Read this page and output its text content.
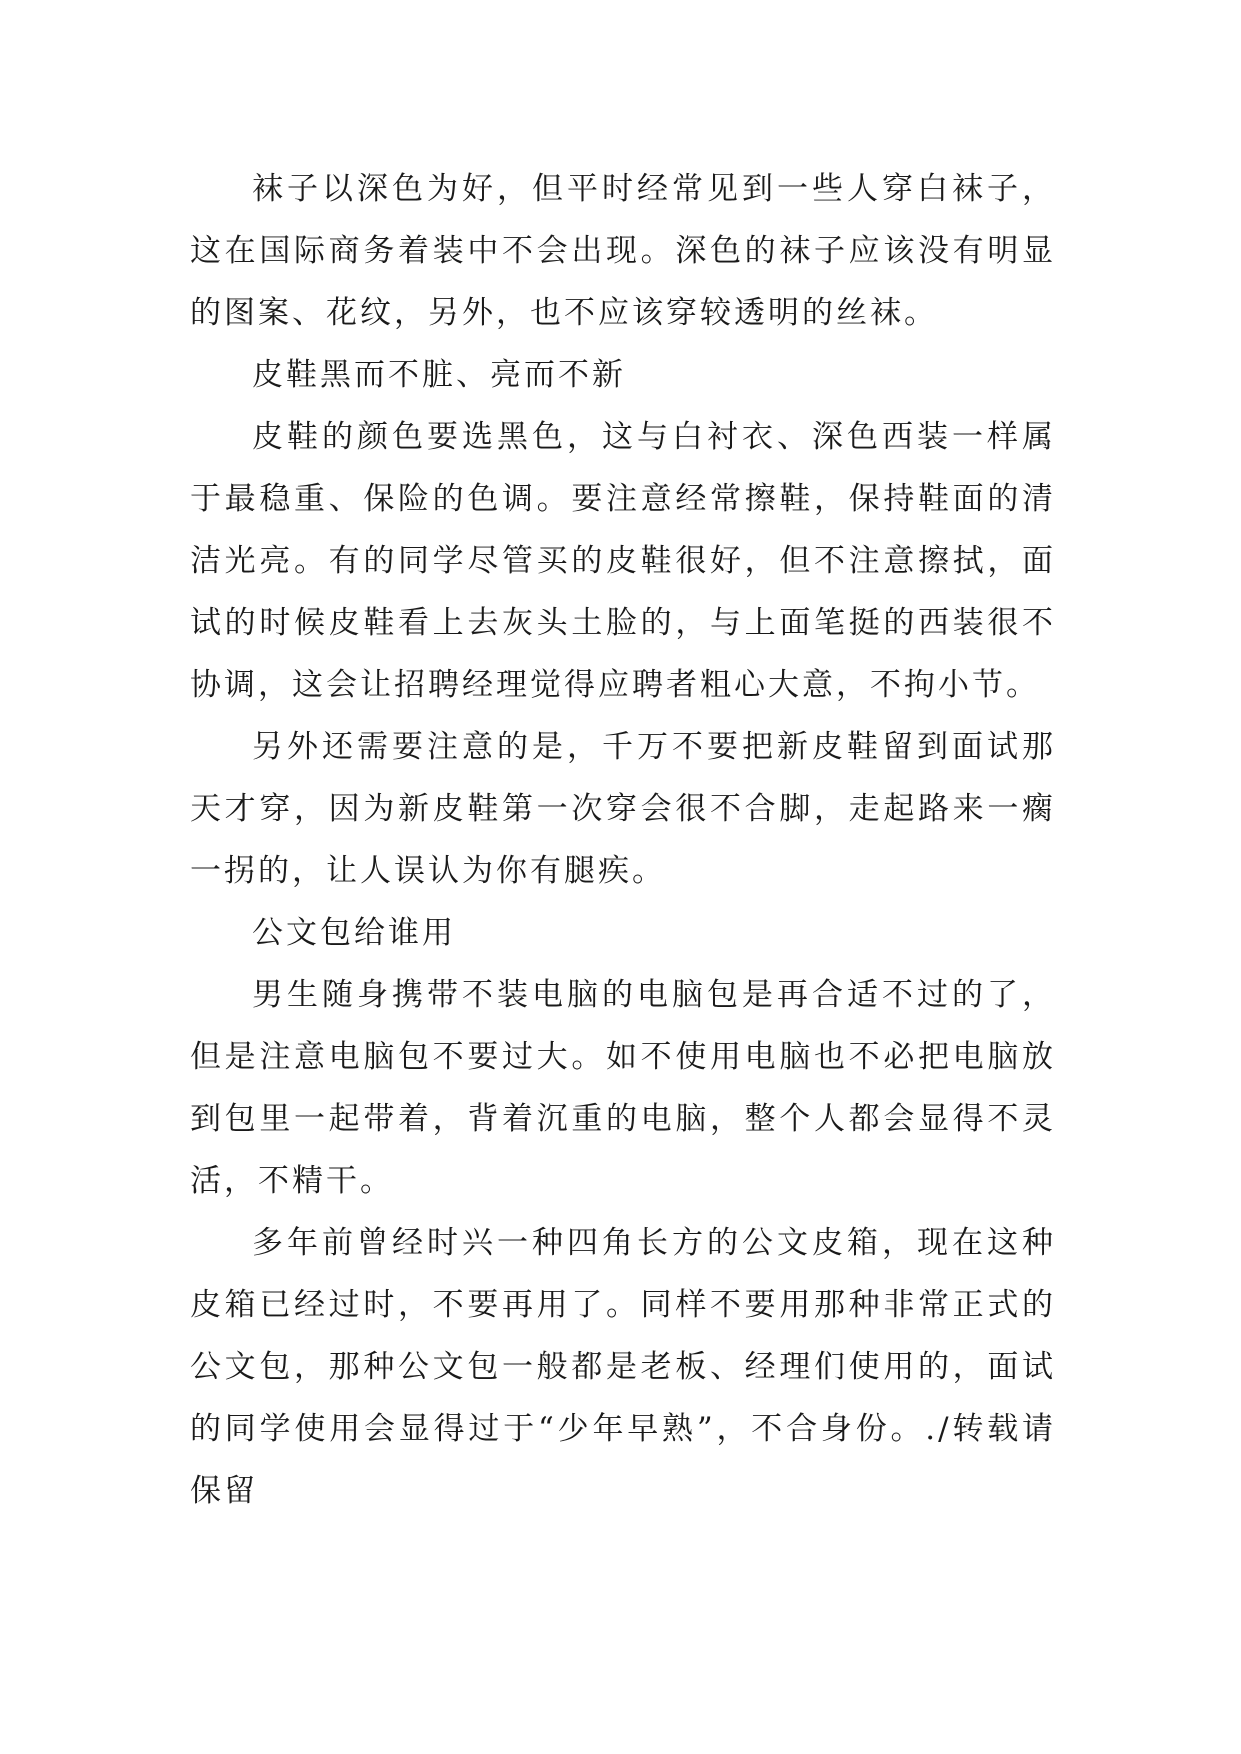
袜子以深色为好，但平时经常见到一些人穿白袜子，这在国际商务着装中不会出现。深色的袜子应该没有明显的图案、花纹，另外，也不应该穿较透明的丝袜。

皮鞋黑而不脏、亮而不新

皮鞋的颜色要选黑色，这与白衬衣、深色西装一样属于最稳重、保险的色调。要注意经常擦鞋，保持鞋面的清洁光亮。有的同学尽管买的皮鞋很好，但不注意擦拭，面试的时候皮鞋看上去灰头土脸的，与上面笔挺的西装很不协调，这会让招聘经理觉得应聘者粗心大意，不拘小节。

另外还需要注意的是，千万不要把新皮鞋留到面试那天才穿，因为新皮鞋第一次穿会很不合脚，走起路来一瘸一拐的，让人误认为你有腿疾。

公文包给谁用

男生随身携带不装电脑的电脑包是再合适不过的了，但是注意电脑包不要过大。如不使用电脑也不必把电脑放到包里一起带着，背着沉重的电脑，整个人都会显得不灵活，不精干。

多年前曾经时兴一种四角长方的公文皮箱，现在这种皮箱已经过时，不要再用了。同样不要用那种非常正式的公文包，那种公文包一般都是老板、经理们使用的，面试的同学使用会显得过于“少年早熟”，不合身份。./转载请保留
